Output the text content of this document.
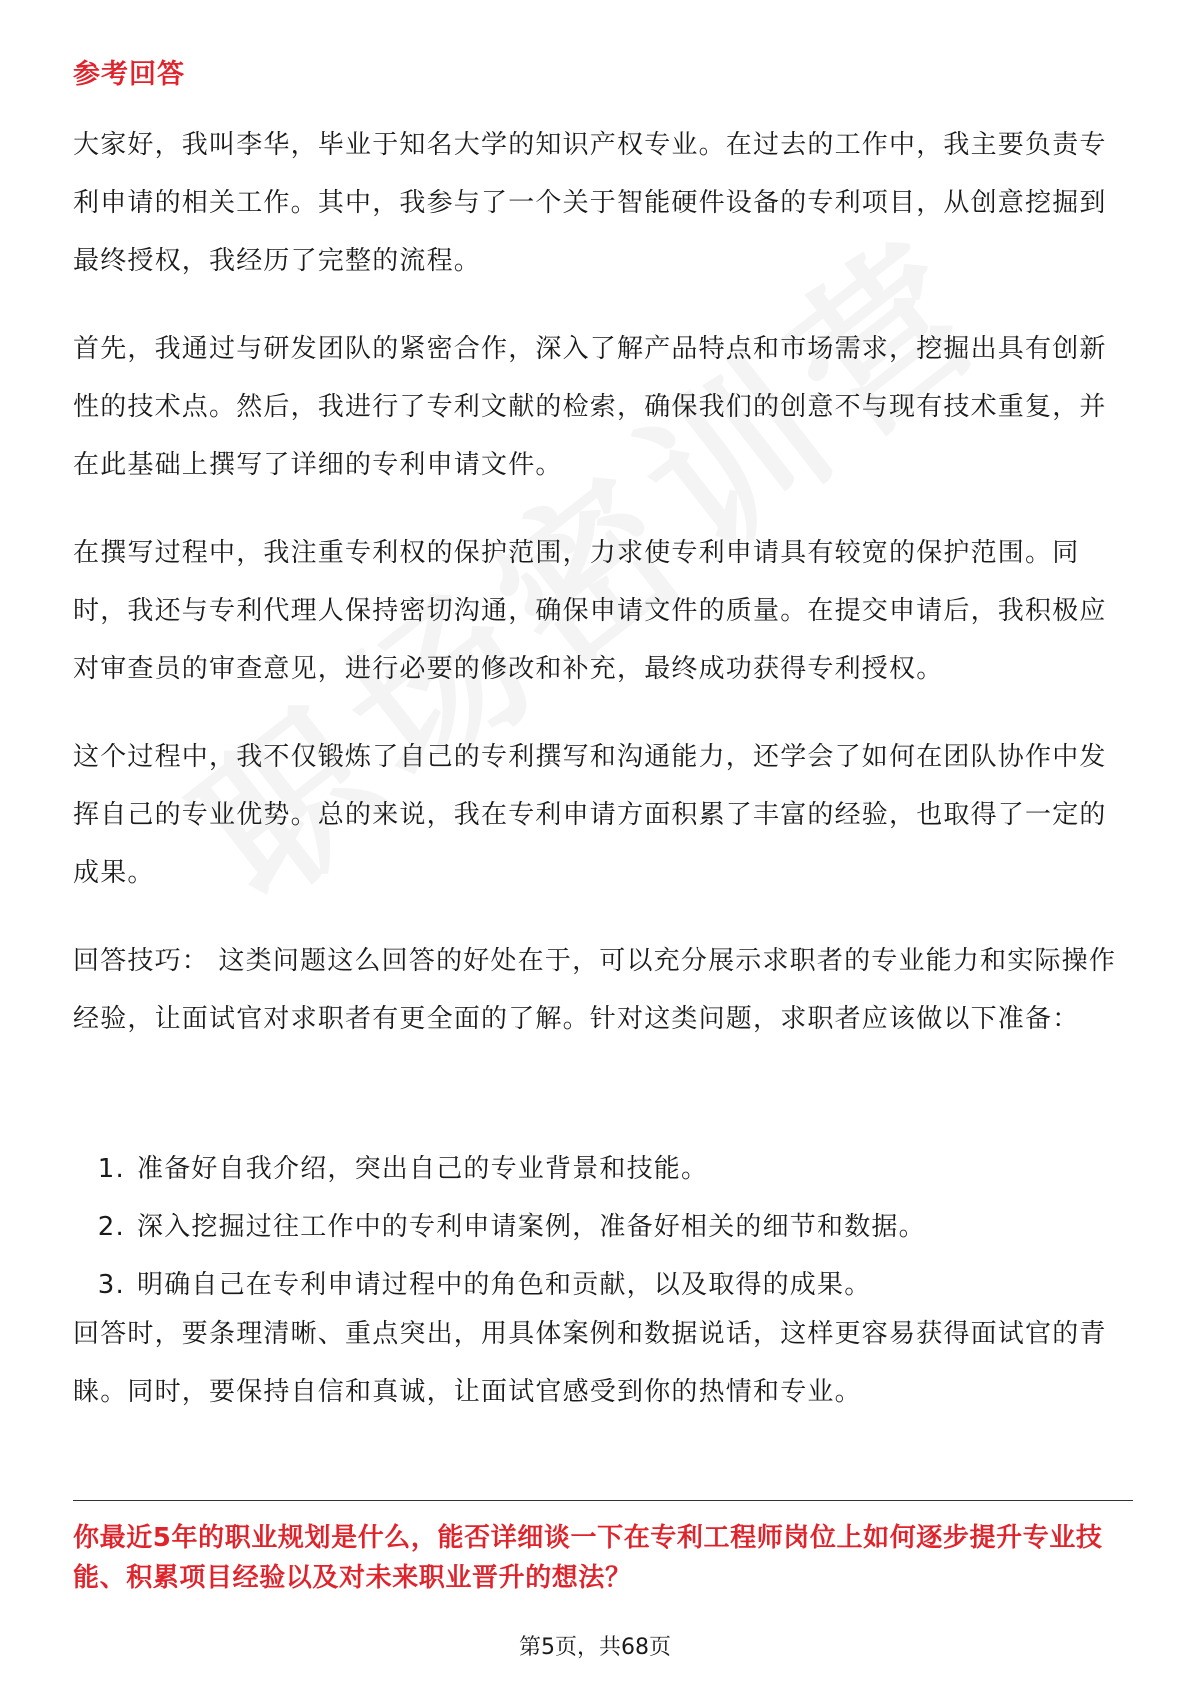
参考回答

大家好，我叫李华，毕业于知名大学的知识产权专业。在过去的工作中，我主要负责专利申请的相关工作。其中，我参与了一个关于智能硬件设备的专利项目，从创意挖掘到最终授权，我经历了完整的流程。

首先，我通过与研发团队的紧密合作，深入了解产品特点和市场需求，挖掘出具有创新性的技术点。然后，我进行了专利文献的检索，确保我们的创意不与现有技术重复，并在此基础上撰写了详细的专利申请文件。

在撰写过程中，我注重专利权的保护范围，力求使专利申请具有较宽的保护范围。同时，我还与专利代理人保持密切沟通，确保申请文件的质量。在提交申请后，我积极应对审查员的审查意见，进行必要的修改和补充，最终成功获得专利授权。

这个过程中，我不仅锻炼了自己的专利撰写和沟通能力，还学会了如何在团队协作中发挥自己的专业优势。总的来说，我在专利申请方面积累了丰富的经验，也取得了一定的成果。

回答技巧： 这类问题这么回答的好处在于，可以充分展示求职者的专业能力和实际操作经验，让面试官对求职者有更全面的了解。针对这类问题，求职者应该做以下准备：

1. 准备好自我介绍，突出自己的专业背景和技能。
2. 深入挖掘过往工作中的专利申请案例，准备好相关的细节和数据。
3. 明确自己在专利申请过程中的角色和贡献，以及取得的成果。

回答时，要条理清晰、重点突出，用具体案例和数据说话，这样更容易获得面试官的青睐。同时，要保持自信和真诚，让面试官感受到你的热情和专业。

你最近5年的职业规划是什么，能否详细谈一下在专利工程师岗位上如何逐步提升专业技能、积累项目经验以及对未来职业晋升的想法？

第5页，共68页
